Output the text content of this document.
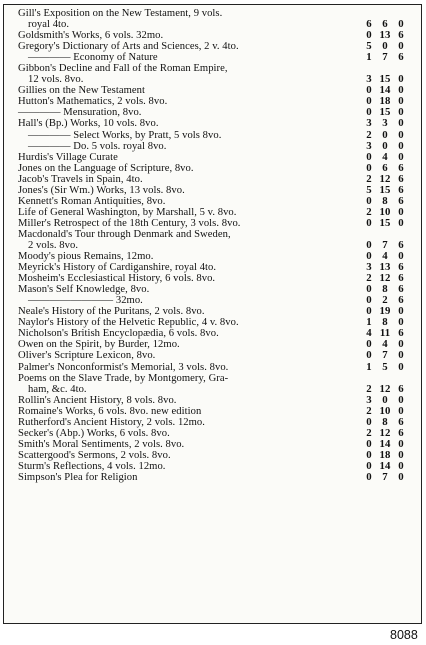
Gill's Exposition on the New Testament, 9 vols.
royal 4to.	6 6 0
Goldsmith's Works, 6 vols. 32mo.	0 13 6
Gregory's Dictionary of Arts and Sciences, 2 v. 4to.	5 0 0
———— Economy of Nature	1 7 6
Gibbon's Decline and Fall of the Roman Empire,
12 vols. 8vo.	3 15 0
Gillies on the New Testament	0 14 0
Hutton's Mathematics, 2 vols. 8vo.	0 18 0
———— Mensuration, 8vo.	0 15 0
Hall's (Bp.) Works, 10 vols. 8vo.	3 3 0
———— Select Works, by Pratt, 5 vols 8vo.	2 0 0
———— Do. 5 vols. royal 8vo.	3 0 0
Hurdis's Village Curate	0 4 0
Jones on the Language of Scripture, 8vo.	0 6 6
Jacob's Travels in Spain, 4to.	2 12 6
Jones's (Sir Wm.) Works, 13 vols. 8vo.	5 15 6
Kennett's Roman Antiquities, 8vo.	0 8 6
Life of General Washington, by Marshall, 5 v. 8vo.	2 10 0
Miller's Retrospect of the 18th Century, 3 vols. 8vo.	0 15 0
Macdonald's Tour through Denmark and Sweden,
2 vols. 8vo.	0 7 6
Moody's pious Remains, 12mo.	0 4 0
Meyrick's History of Cardiganshire, royal 4to.	3 13 6
Mosheim's Ecclesiastical History, 6 vols. 8vo.	2 12 6
Mason's Self Knowledge, 8vo.	0 8 6
———————— 32mo.	0 2 6
Neale's History of the Puritans, 2 vols. 8vo.	0 19 0
Naylor's History of the Helvetic Republic, 4 v. 8vo.	1 8 0
Nicholson's British Encyclopædia, 6 vols. 8vo.	4 11 6
Owen on the Spirit, by Burder, 12mo.	0 4 0
Oliver's Scripture Lexicon, 8vo.	0 7 0
Palmer's Nonconformist's Memorial, 3 vols. 8vo.	1 5 0
Poems on the Slave Trade, by Montgomery, Gra-
ham, &c. 4to.	2 12 6
Rollin's Ancient History, 8 vols. 8vo.	3 0 0
Romaine's Works, 6 vols. 8vo. new edition	2 10 0
Rutherford's Ancient History, 2 vols. 12mo.	0 8 6
Secker's (Abp.) Works, 6 vols. 8vo.	2 12 6
Smith's Moral Sentiments, 2 vols. 8vo.	0 14 0
Scattergood's Sermons, 2 vols. 8vo.	0 18 0
Sturm's Reflections, 4 vols. 12mo.	0 14 0
Simpson's Plea for Religion	0 7 0
8088
